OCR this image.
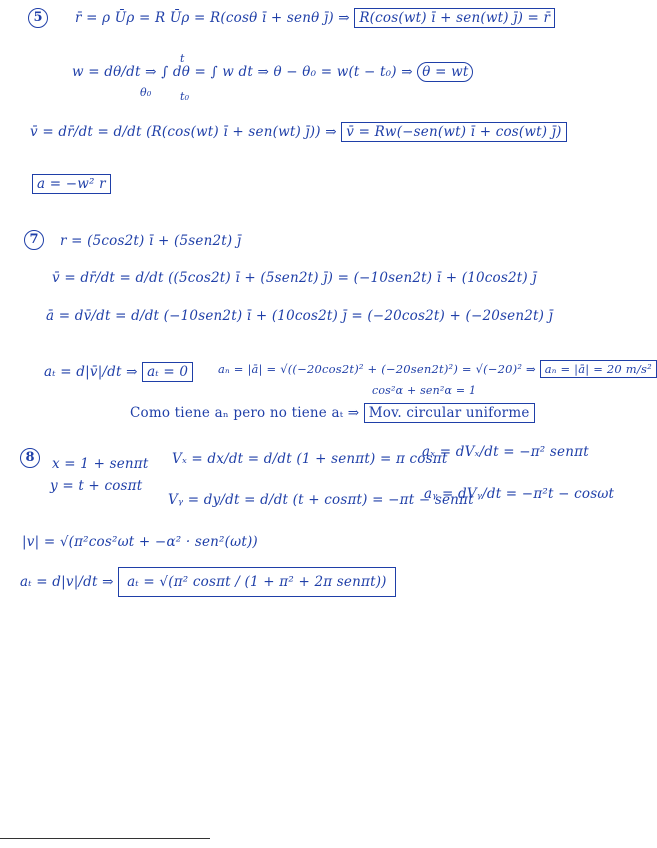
5	r̄ = ρ Ūρ = R Ūρ = R(cosθ ī + senθ j̄) ⇒ R(cos(wt) ī + sen(wt) j̄) = r̄
w = dθ/dt ⇒ ∫ dθ = ∫ w dt ⇒ θ − θ₀ = w(t − t₀) ⇒ θ = wt
θ₀	t₀
t
v̄ = dr̄/dt = d/dt (R(cos(wt) ī + sen(wt) j̄)) ⇒ v̄ = Rw(−sen(wt) ī + cos(wt) j̄)
a = −w² r
7	r = (5cos2t) ī + (5sen2t) j̄
v̄ = dr̄/dt = d/dt ((5cos2t) ī + (5sen2t) j̄) = (−10sen2t) ī + (10cos2t) j̄
ā = dv̄/dt = d/dt (−10sen2t) ī + (10cos2t) j̄ = (−20cos2t) + (−20sen2t) j̄
aₜ = d|v̄|/dt ⇒ aₜ = 0	aₙ = |ā| = √((−20cos2t)² + (−20sen2t)²) = √(−20)² ⇒ aₙ = |ā| = 20 m/s²
cos²α + sen²α = 1
Como tiene aₙ pero no tiene aₜ ⇒ Mov. circular uniforme
8	x = 1 + senπt
y = t + cosπt
Vₓ = dx/dt = d/dt (1 + senπt) = π cosπt
aₓ = dVₓ/dt = −π² senπt
Vᵧ = dy/dt = d/dt (t + cosπt) = −πt − senπt
aᵧ = dVᵧ/dt = −π²t − cosωt
|v| = √(π²cos²ωt + −α² · sen²(ωt))
aₜ = d|v|/dt ⇒ aₜ = √(π² cosπt / (1 + π² + 2π senπt))
